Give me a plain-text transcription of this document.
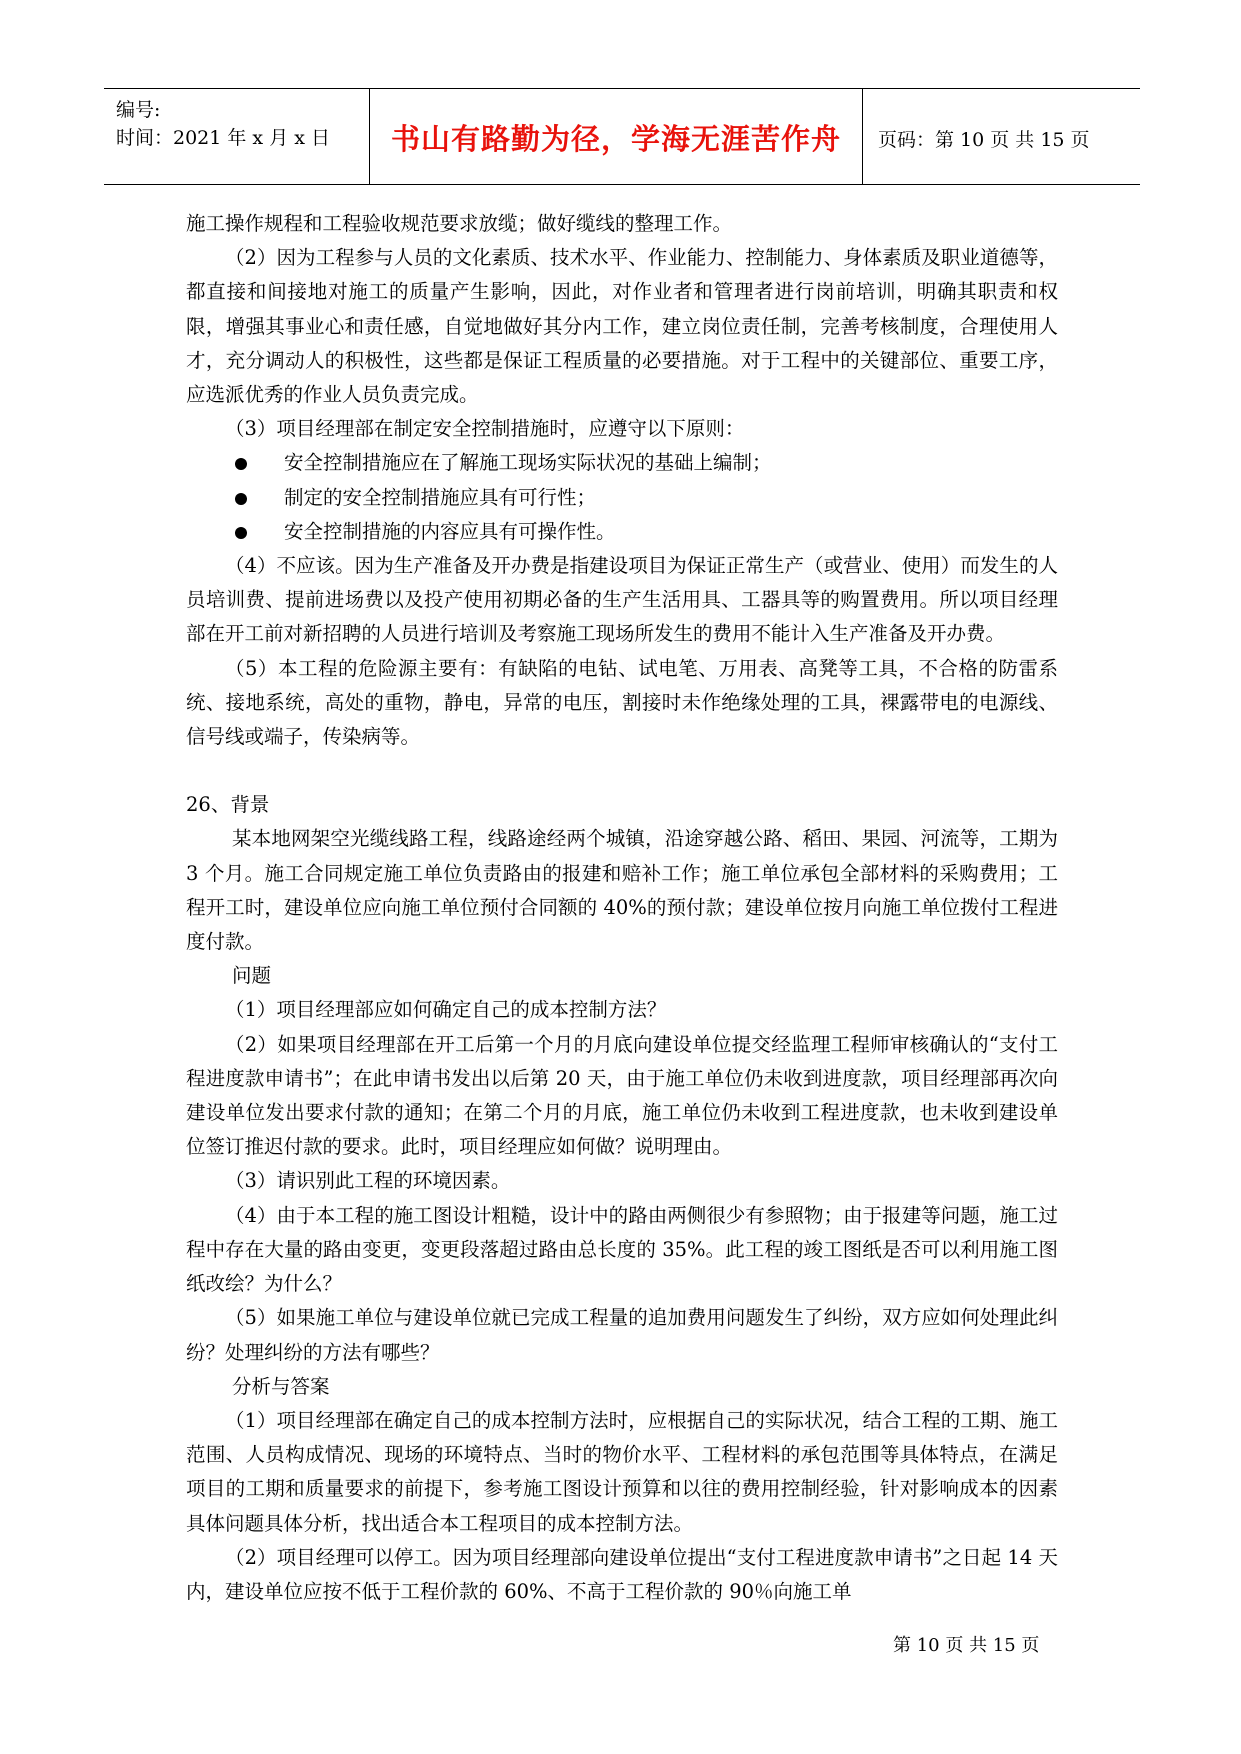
编号:
时间：2021 年 x 月 x 日	书山有路勤为径，学海无涯苦作舟	页码：第 10 页 共 15 页

施工操作规程和工程验收规范要求放缆；做好缆线的整理工作。

（2）因为工程参与人员的文化素质、技术水平、作业能力、控制能力、身体素质及职业道德等，都直接和间接地对施工的质量产生影响，因此，对作业者和管理者进行岗前培训，明确其职责和权限，增强其事业心和责任感，自觉地做好其分内工作，建立岗位责任制，完善考核制度，合理使用人才，充分调动人的积极性，这些都是保证工程质量的必要措施。对于工程中的关键部位、重要工序，应选派优秀的作业人员负责完成。

（3）项目经理部在制定安全控制措施时，应遵守以下原则：

安全控制措施应在了解施工现场实际状况的基础上编制；
制定的安全控制措施应具有可行性；
安全控制措施的内容应具有可操作性。

（4）不应该。因为生产准备及开办费是指建设项目为保证正常生产（或营业、使用）而发生的人员培训费、提前进场费以及投产使用初期必备的生产生活用具、工器具等的购置费用。所以项目经理部在开工前对新招聘的人员进行培训及考察施工现场所发生的费用不能计入生产准备及开办费。

（5）本工程的危险源主要有：有缺陷的电钻、试电笔、万用表、高凳等工具，不合格的防雷系统、接地系统，高处的重物，静电，异常的电压，割接时未作绝缘处理的工具，裸露带电的电源线、信号线或端子，传染病等。

26、背景

某本地网架空光缆线路工程，线路途经两个城镇，沿途穿越公路、稻田、果园、河流等，工期为 3 个月。施工合同规定施工单位负责路由的报建和赔补工作；施工单位承包全部材料的采购费用；工程开工时，建设单位应向施工单位预付合同额的 40%的预付款；建设单位按月向施工单位拨付工程进度付款。

问题

（1）项目经理部应如何确定自己的成本控制方法？

（2）如果项目经理部在开工后第一个月的月底向建设单位提交经监理工程师审核确认的“支付工程进度款申请书”；在此申请书发出以后第 20 天，由于施工单位仍未收到进度款，项目经理部再次向建设单位发出要求付款的通知；在第二个月的月底，施工单位仍未收到工程进度款，也未收到建设单位签订推迟付款的要求。此时，项目经理应如何做？说明理由。

（3）请识别此工程的环境因素。

（4）由于本工程的施工图设计粗糙，设计中的路由两侧很少有参照物；由于报建等问题，施工过程中存在大量的路由变更，变更段落超过路由总长度的 35%。此工程的竣工图纸是否可以利用施工图纸改绘？为什么？

（5）如果施工单位与建设单位就已完成工程量的追加费用问题发生了纠纷，双方应如何处理此纠纷？处理纠纷的方法有哪些？

分析与答案

（1）项目经理部在确定自己的成本控制方法时，应根据自己的实际状况，结合工程的工期、施工范围、人员构成情况、现场的环境特点、当时的物价水平、工程材料的承包范围等具体特点，在满足项目的工期和质量要求的前提下，参考施工图设计预算和以往的费用控制经验，针对影响成本的因素具体问题具体分析，找出适合本工程项目的成本控制方法。

（2）项目经理可以停工。因为项目经理部向建设单位提出“支付工程进度款申请书”之日起 14 天内，建设单位应按不低于工程价款的 60%、不高于工程价款的 90％向施工单

第 10 页 共 15 页
